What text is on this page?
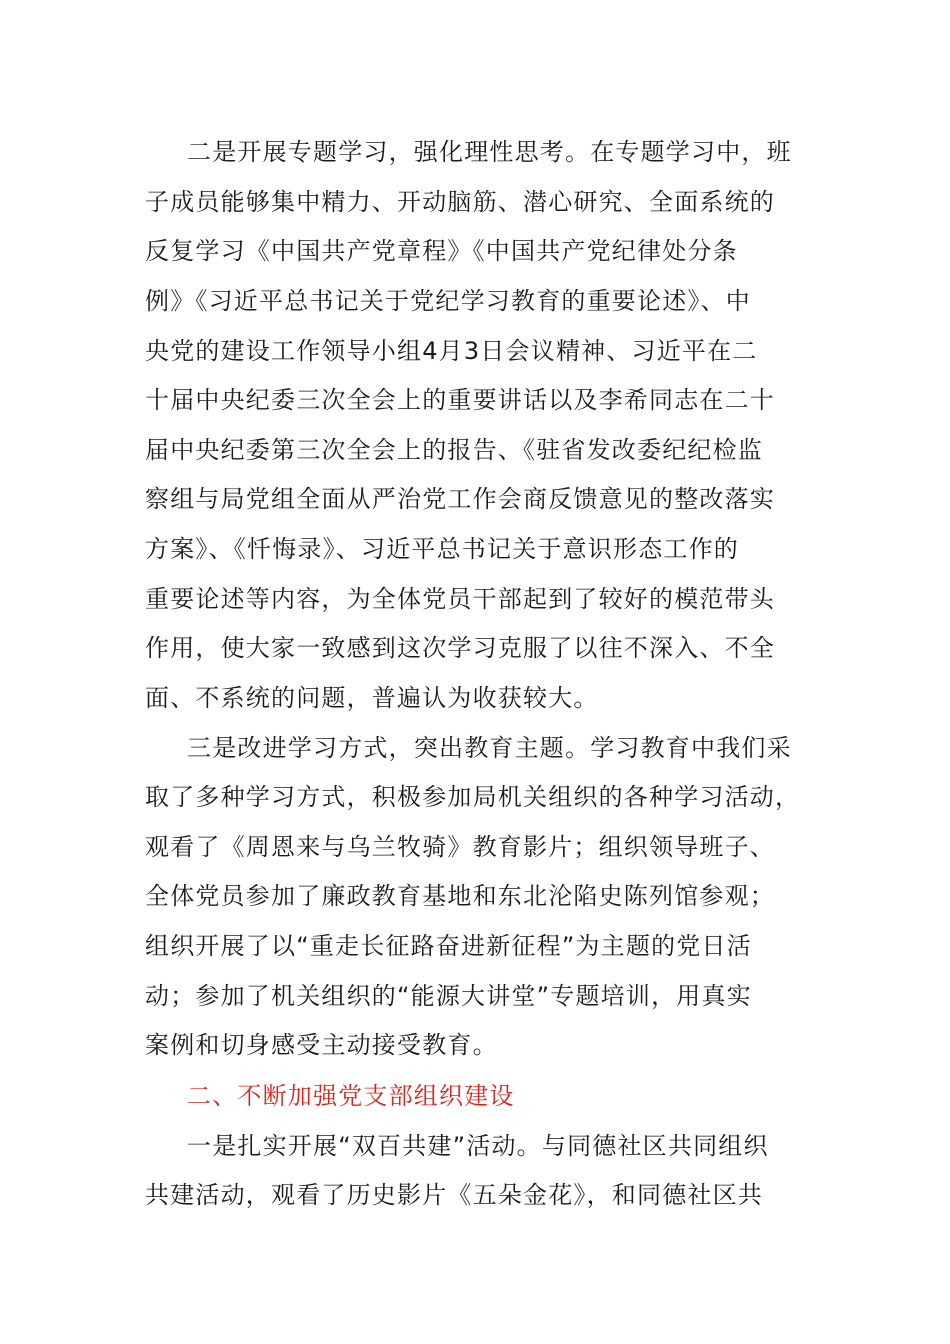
二是开展专题学习，强化理性思考。在专题学习中，班
子成员能够集中精力、开动脑筋、潜心研究、全面系统的
反复学习《中国共产党章程》《中国共产党纪律处分条
例》《习近平总书记关于党纪学习教育的重要论述》、中
央党的建设工作领导小组4月3日会议精神、习近平在二
十届中央纪委三次全会上的重要讲话以及李希同志在二十
届中央纪委第三次全会上的报告、《驻省发改委纪纪检监
察组与局党组全面从严治党工作会商反馈意见的整改落实
方案》、《忏悔录》、习近平总书记关于意识形态工作的
重要论述等内容，为全体党员干部起到了较好的模范带头
作用，使大家一致感到这次学习克服了以往不深入、不全
面、不系统的问题，普遍认为收获较大。
三是改进学习方式，突出教育主题。学习教育中我们采
取了多种学习方式，积极参加局机关组织的各种学习活动，
观看了《周恩来与乌兰牧骑》教育影片；组织领导班子、
全体党员参加了廉政教育基地和东北沦陷史陈列馆参观；
组织开展了以“重走长征路奋进新征程”为主题的党日活
动；参加了机关组织的“能源大讲堂”专题培训，用真实
案例和切身感受主动接受教育。
二、不断加强党支部组织建设
一是扎实开展“双百共建”活动。与同德社区共同组织
共建活动，观看了历史影片《五朵金花》，和同德社区共
